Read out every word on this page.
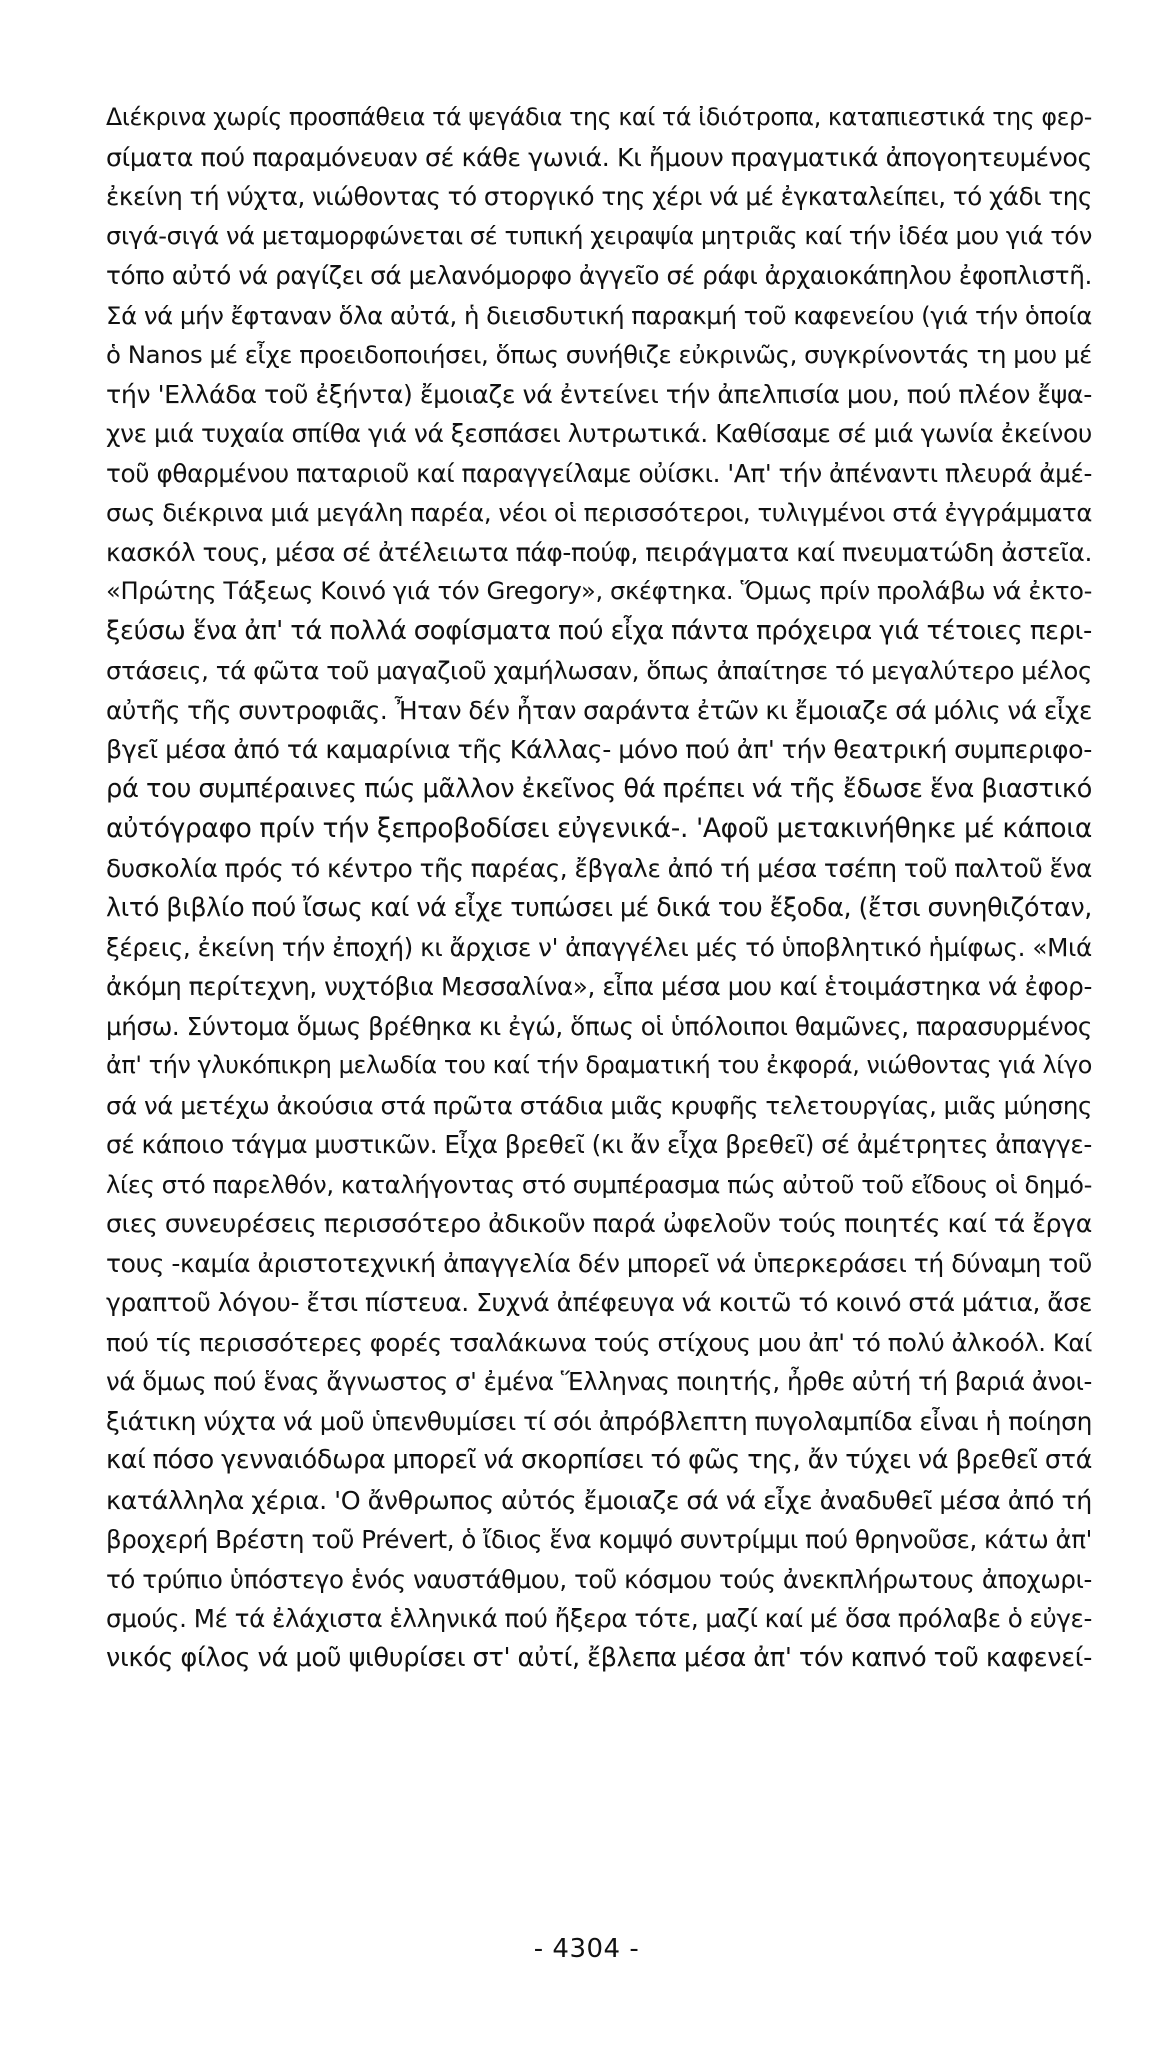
Διέκρινα χωρίς προσπάθεια τά ψεγάδια της καί τά ἰδιότροπα, καταπιεστικά της φερ-
σίματα πού παραμόνευαν σέ κάθε γωνιά. Κι ἤμουν πραγματικά ἀπογοητευμένος
ἐκείνη τή νύχτα, νιώθοντας τό στοργικό της χέρι νά μέ ἐγκαταλείπει, τό χάδι της
σιγά-σιγά νά μεταμορφώνεται σέ τυπική χειραψία μητριᾶς καί τήν ἰδέα μου γιά τόν
τόπο αὐτό νά ραγίζει σά μελανόμορφο ἀγγεῖο σέ ράφι ἀρχαιοκάπηλου ἐφοπλιστῆ.
Σά νά μήν ἔφταναν ὅλα αὐτά, ἡ διεισδυτική παρακμή τοῦ καφενείου (γιά τήν ὁποία
ὁ Nanos μέ εἶχε προειδοποιήσει, ὅπως συνήθιζε εὐκρινῶς, συγκρίνοντάς τη μου μέ
τήν 'Ελλάδα τοῦ ἐξήντα) ἔμοιαζε νά ἐντείνει τήν ἀπελπισία μου, πού πλέον ἔψα-
χνε μιά τυχαία σπίθα γιά νά ξεσπάσει λυτρωτικά. Καθίσαμε σέ μιά γωνία ἐκείνου
τοῦ φθαρμένου παταριοῦ καί παραγγείλαμε οὐίσκι. 'Απ' τήν ἀπέναντι πλευρά ἀμέ-
σως διέκρινα μιά μεγάλη παρέα, νέοι οἱ περισσότεροι, τυλιγμένοι στά ἐγγράμματα
κασκόλ τους, μέσα σέ ἀτέλειωτα πάφ-πούφ, πειράγματα καί πνευματώδη ἀστεῖα.
«Πρώτης Τάξεως Κοινό γιά τόν Gregory», σκέφτηκα. Ὅμως πρίν προλάβω νά ἐκτο-
ξεύσω ἕνα ἀπ' τά πολλά σοφίσματα πού εἶχα πάντα πρόχειρα γιά τέτοιες περι-
στάσεις, τά φῶτα τοῦ μαγαζιοῦ χαμήλωσαν, ὅπως ἀπαίτησε τό μεγαλύτερο μέλος
αὐτῆς τῆς συντροφιᾶς. Ἦταν δέν ἦταν σαράντα ἐτῶν κι ἔμοιαζε σά μόλις νά εἶχε
βγεῖ μέσα ἀπό τά καμαρίνια τῆς Κάλλας- μόνο πού ἀπ' τήν θεατρική συμπεριφο-
ρά του συμπέραινες πώς μᾶλλον ἐκεῖνος θά πρέπει νά τῆς ἔδωσε ἕνα βιαστικό
αὐτόγραφο πρίν τήν ξεπροβοδίσει εὐγενικά-. 'Αφοῦ μετακινήθηκε μέ κάποια
δυσκολία πρός τό κέντρο τῆς παρέας, ἔβγαλε ἀπό τή μέσα τσέπη τοῦ παλτοῦ ἕνα
λιτό βιβλίο πού ἴσως καί νά εἶχε τυπώσει μέ δικά του ἔξοδα, (ἔτσι συνηθιζόταν,
ξέρεις, ἐκείνη τήν ἐποχή) κι ἄρχισε ν' ἀπαγγέλει μές τό ὑποβλητικό ἡμίφως. «Μιά
ἀκόμη περίτεχνη, νυχτόβια Μεσσαλίνα», εἶπα μέσα μου καί ἑτοιμάστηκα νά ἐφορ-
μήσω. Σύντομα ὅμως βρέθηκα κι ἐγώ, ὅπως οἱ ὑπόλοιποι θαμῶνες, παρασυρμένος
ἀπ' τήν γλυκόπικρη μελωδία του καί τήν δραματική του ἐκφορά, νιώθοντας γιά λίγο
σά νά μετέχω ἀκούσια στά πρῶτα στάδια μιᾶς κρυφῆς τελετουργίας, μιᾶς μύησης
σέ κάποιο τάγμα μυστικῶν. Εἶχα βρεθεῖ (κι ἄν εἶχα βρεθεῖ) σέ ἀμέτρητες ἀπαγγε-
λίες στό παρελθόν, καταλήγοντας στό συμπέρασμα πώς αὐτοῦ τοῦ εἴδους οἱ δημό-
σιες συνευρέσεις περισσότερο ἀδικοῦν παρά ὠφελοῦν τούς ποιητές καί τά ἔργα
τους -καμία ἀριστοτεχνική ἀπαγγελία δέν μπορεῖ νά ὑπερκεράσει τή δύναμη τοῦ
γραπτοῦ λόγου- ἔτσι πίστευα. Συχνά ἀπέφευγα νά κοιτῶ τό κοινό στά μάτια, ἄσε
πού τίς περισσότερες φορές τσαλάκωνα τούς στίχους μου ἀπ' τό πολύ ἀλκοόλ. Καί
νά ὅμως πού ἕνας ἄγνωστος σ' ἐμένα Ἕλληνας ποιητής, ἦρθε αὐτή τή βαριά ἀνοι-
ξιάτικη νύχτα νά μοῦ ὑπενθυμίσει τί σόι ἀπρόβλεπτη πυγολαμπίδα εἶναι ἡ ποίηση
καί πόσο γενναιόδωρα μπορεῖ νά σκορπίσει τό φῶς της, ἄν τύχει νά βρεθεῖ στά
κατάλληλα χέρια. 'Ο ἄνθρωπος αὐτός ἔμοιαζε σά νά εἶχε ἀναδυθεῖ μέσα ἀπό τή
βροχερή Βρέστη τοῦ Prévert, ὁ ἴδιος ἕνα κομψό συντρίμμι πού θρηνοῦσε, κάτω ἀπ'
τό τρύπιο ὑπόστεγο ἑνός ναυστάθμου, τοῦ κόσμου τούς ἀνεκπλήρωτους ἀποχωρι-
σμούς. Μέ τά ἐλάχιστα ἑλληνικά πού ἤξερα τότε, μαζί καί μέ ὅσα πρόλαβε ὁ εὐγε-
νικός φίλος νά μοῦ ψιθυρίσει στ' αὐτί, ἔβλεπα μέσα ἀπ' τόν καπνό τοῦ καφενεί-
- 4304 -
